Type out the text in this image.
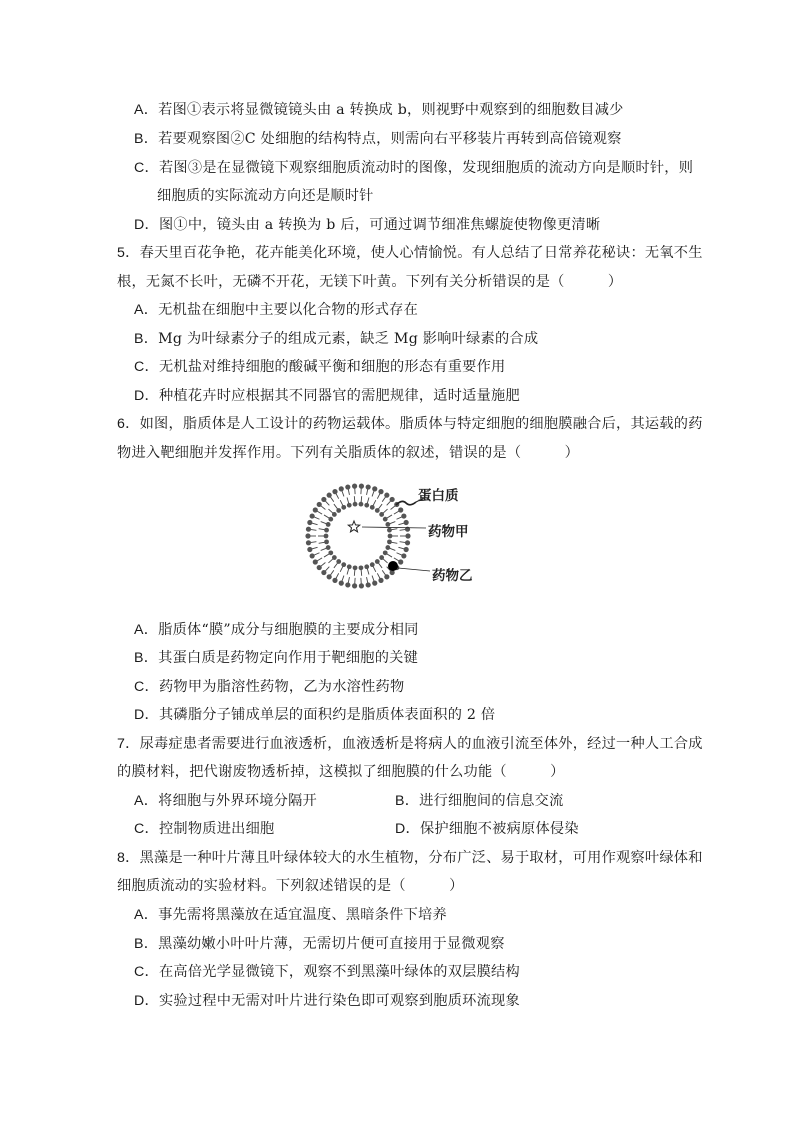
A．若图①表示将显微镜镜头由 a 转换成 b，则视野中观察到的细胞数目减少
B．若要观察图②C 处细胞的结构特点，则需向右平移装片再转到高倍镜观察
C．若图③是在显微镜下观察细胞质流动时的图像，发现细胞质的流动方向是顺时针，则
细胞质的实际流动方向还是顺时针
D．图①中，镜头由 a 转换为 b 后，可通过调节细准焦螺旋使物像更清晰
5．春天里百花争艳，花卉能美化环境，使人心情愉悦。有人总结了日常养花秘诀：无氧不生
根，无氮不长叶，无磷不开花，无镁下叶黄。下列有关分析错误的是（　　　）
A．无机盐在细胞中主要以化合物的形式存在
B．Mg 为叶绿素分子的组成元素，缺乏 Mg 影响叶绿素的合成
C．无机盐对维持细胞的酸碱平衡和细胞的形态有重要作用
D．种植花卉时应根据其不同器官的需肥规律，适时适量施肥
6．如图，脂质体是人工设计的药物运载体。脂质体与特定细胞的细胞膜融合后，其运载的药
物进入靶细胞并发挥作用。下列有关脂质体的叙述，错误的是（　　　）
A．脂质体“膜”成分与细胞膜的主要成分相同
B．其蛋白质是药物定向作用于靶细胞的关键
C．药物甲为脂溶性药物，乙为水溶性药物
D．其磷脂分子铺成单层的面积约是脂质体表面积的 2 倍
7．尿毒症患者需要进行血液透析，血液透析是将病人的血液引流至体外，经过一种人工合成
的膜材料，把代谢废物透析掉，这模拟了细胞膜的什么功能（　　　）
A．将细胞与外界环境分隔开	B．进行细胞间的信息交流
C．控制物质进出细胞	D．保护细胞不被病原体侵染
8．黑藻是一种叶片薄且叶绿体较大的水生植物，分布广泛、易于取材，可用作观察叶绿体和
细胞质流动的实验材料。下列叙述错误的是（　　　）
A．事先需将黑藻放在适宜温度、黑暗条件下培养
B．黑藻幼嫩小叶叶片薄，无需切片便可直接用于显微观察
C．在高倍光学显微镜下，观察不到黑藻叶绿体的双层膜结构
D．实验过程中无需对叶片进行染色即可观察到胞质环流现象
蛋白质
药物甲
药物乙
